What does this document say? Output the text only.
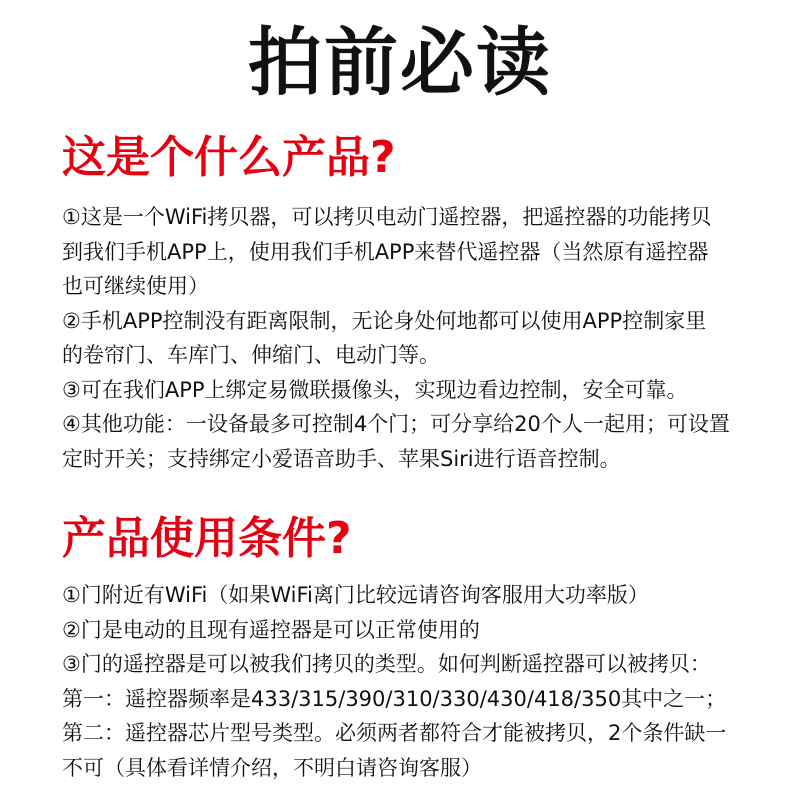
拍前必读
这是个什么产品?
①这是一个WiFi拷贝器，可以拷贝电动门遥控器，把遥控器的功能拷贝
到我们手机APP上，使用我们手机APP来替代遥控器（当然原有遥控器
也可继续使用）
②手机APP控制没有距离限制，无论身处何地都可以使用APP控制家里
的卷帘门、车库门、伸缩门、电动门等。
③可在我们APP上绑定易微联摄像头，实现边看边控制，安全可靠。
④其他功能：一设备最多可控制4个门；可分享给20个人一起用；可设置
定时开关；支持绑定小爱语音助手、苹果Siri进行语音控制。
产品使用条件?
①门附近有WiFi（如果WiFi离门比较远请咨询客服用大功率版）
②门是电动的且现有遥控器是可以正常使用的
③门的遥控器是可以被我们拷贝的类型。如何判断遥控器可以被拷贝：
第一：遥控器频率是433/315/390/310/330/430/418/350其中之一；
第二：遥控器芯片型号类型。必须两者都符合才能被拷贝，2个条件缺一
不可（具体看详情介绍，不明白请咨询客服）
